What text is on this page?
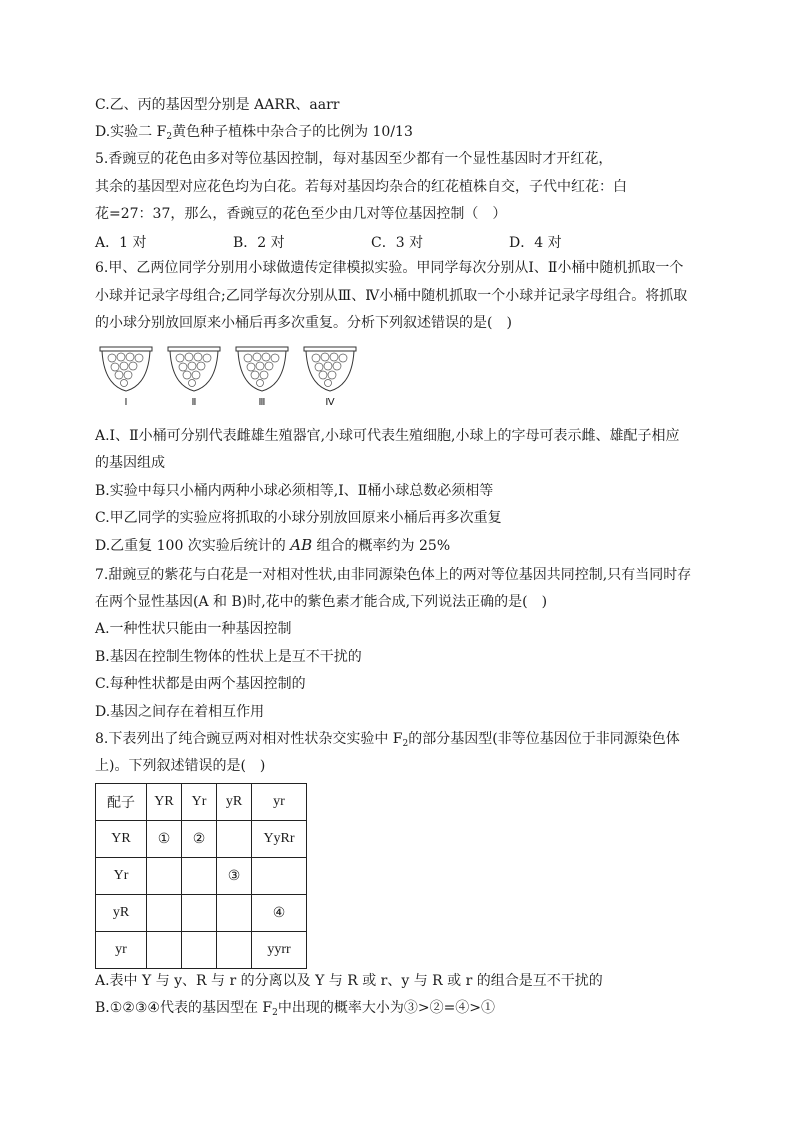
C.乙、丙的基因型分别是 AARR、aarr
D.实验二 $F_2$黄色种子植株中杂合子的比例为 10/13
5.香豌豆的花色由多对等位基因控制，每对基因至少都有一个显性基因时才开红花，
其余的基因型对应花色均为白花。若每对基因均杂合的红花植株自交，子代中红花：白
花=27：37，那么，香豌豆的花色至少由几对等位基因控制（　）
A．1 对	B．2 对	C．3 对	D．4 对
6.甲、乙两位同学分别用小球做遗传定律模拟实验。甲同学每次分别从Ⅰ、Ⅱ小桶中随机抓取一个
小球并记录字母组合;乙同学每次分别从Ⅲ、Ⅳ小桶中随机抓取一个小球并记录字母组合。将抓取
的小球分别放回原来小桶后再多次重复。分析下列叙述错误的是(　)
Ⅰ	Ⅱ	Ⅲ	Ⅳ
A.Ⅰ、Ⅱ小桶可分别代表雌雄生殖器官,小球可代表生殖细胞,小球上的字母可表示雌、雄配子相应
的基因组成
B.实验中每只小桶内两种小球必须相等,Ⅰ、Ⅱ桶小球总数必须相等
C.甲乙同学的实验应将抓取的小球分别放回原来小桶后再多次重复
D.乙重复 100 次实验后统计的 AB 组合的概率约为 25%
7.甜豌豆的紫花与白花是一对相对性状,由非同源染色体上的两对等位基因共同控制,只有当同时存
在两个显性基因(A 和 B)时,花中的紫色素才能合成,下列说法正确的是(　)
A.一种性状只能由一种基因控制
B.基因在控制生物体的性状上是互不干扰的
C.每种性状都是由两个基因控制的
D.基因之间存在着相互作用
8.下表列出了纯合豌豆两对相对性状杂交实验中 $F_2$的部分基因型(非等位基因位于非同源染色体
上)。下列叙述错误的是(　)
配子	YR	Yr	yR	yr
YR	①	②		YyRr
Yr			③	
yR				④
yr				yyrr
A.表中 Y 与 y、R 与 r 的分离以及 Y 与 R 或 r、y 与 R 或 r 的组合是互不干扰的
B.①②③④代表的基因型在 $F_2$中出现的概率大小为③>②=④>①
